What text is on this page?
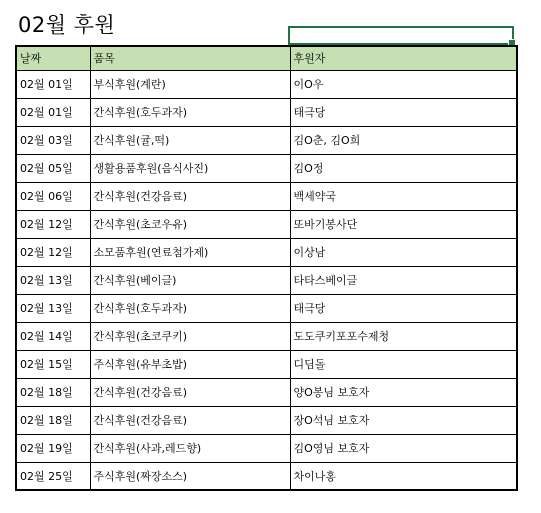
02월 후원
날짜	품목	후원자
02월 01일	부식후원(계란)	이O우
02월 01일	간식후원(호두과자)	태극당
02월 03일	간식후원(귤,떡)	김O춘, 김O희
02월 05일	생활용품후원(음식사진)	김O정
02월 06일	간식후원(건강음료)	백세약국
02월 12일	간식후원(초코우유)	또바기봉사단
02월 12일	소모품후원(연료첨가제)	이상남
02월 13일	간식후원(베이글)	타타스베이글
02월 13일	간식후원(호두과자)	태극당
02월 14일	간식후원(초코쿠키)	도도쿠키포포수제청
02월 15일	주식후원(유부초밥)	디딤돌
02월 18일	간식후원(건강음료)	양O봉님 보호자
02월 18일	간식후원(건강음료)	장O석님 보호자
02월 19일	간식후원(사과,레드향)	김O영님 보호자
02월 25일	주식후원(짜장소스)	차이나홍
